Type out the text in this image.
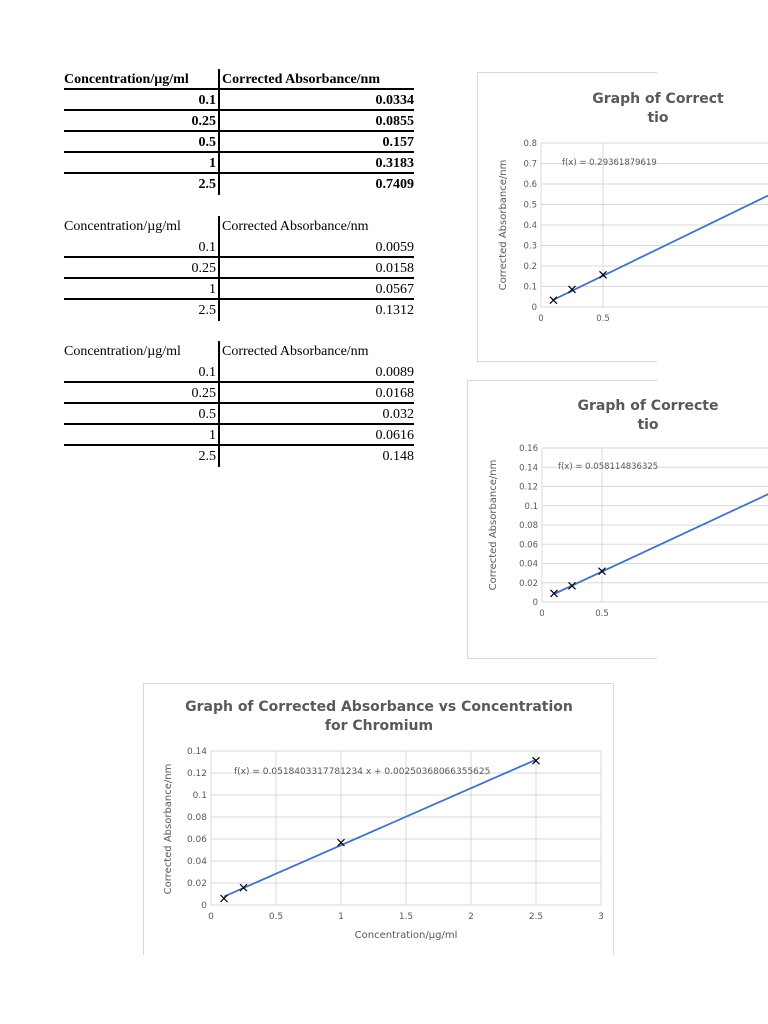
Concentration/µg/ml	Corrected Absorbance/nm
0.1	0.0334
0.25	0.0855
0.5	0.157
1	0.3183
2.5	0.7409
Concentration/µg/ml	Corrected Absorbance/nm
0.1	0.0059
0.25	0.0158
1	0.0567
2.5	0.1312
Concentration/µg/ml	Corrected Absorbance/nm
0.1	0.0089
0.25	0.0168
0.5	0.032
1	0.0616
2.5	0.148
Graph of Correct
tio
0
0.1
0.2
0.3
0.4
0.5
0.6
0.7
0.8
0	0.5
Corrected Absorbance/nm	f(x) = 0.29361879619
Graph of Correcte
tio
0
0.02
0.04
0.06
0.08
0.1
0.12
0.14
0.16
0	0.5
Corrected Absorbance/nm	f(x) = 0.058114836325
Graph of Corrected Absorbance vs Concentration
for Chromium
0
0.02
0.04
0.06
0.08
0.1
0.12
0.14
0	0.5	1	1.5	2	2.5	3
Corrected Absorbance/nm
Concentration/µg/ml
f(x) = 0.0518403317781234 x + 0.00250368066355625
